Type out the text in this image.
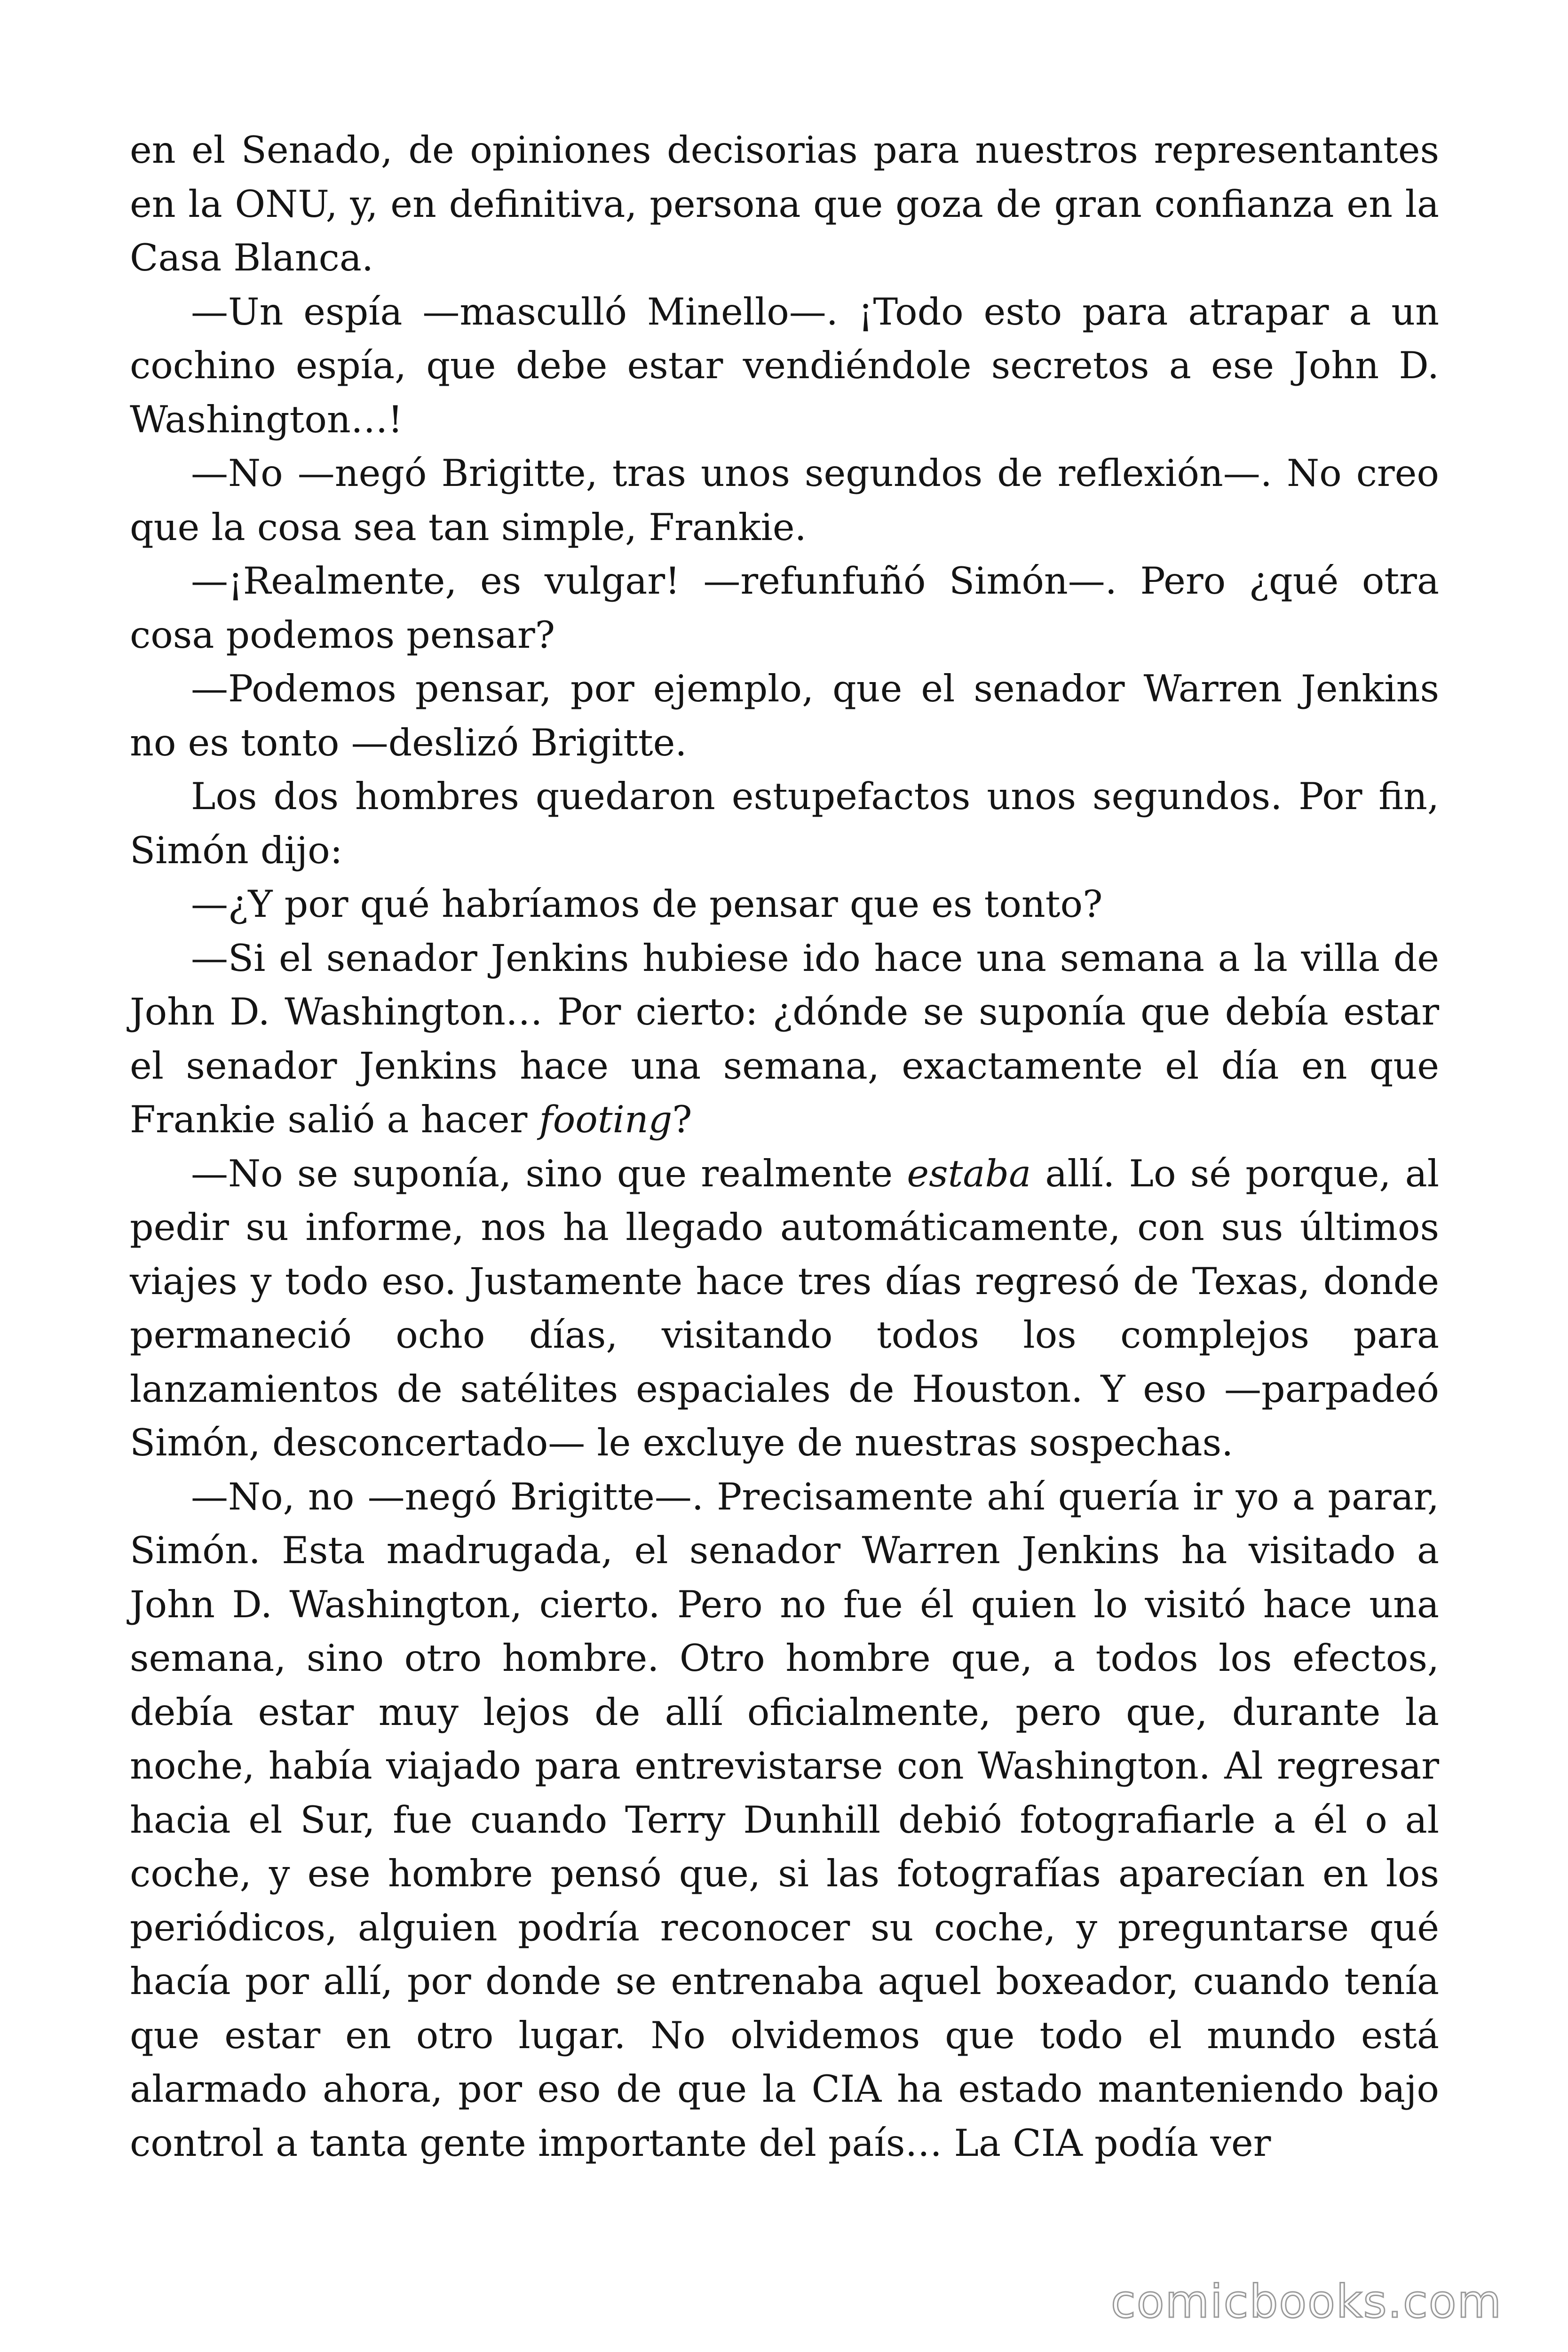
en el Senado, de opiniones decisorias para nuestros representantes en la ONU, y, en definitiva, persona que goza de gran confianza en la Casa Blanca.

—Un espía —masculló Minello—. ¡Todo esto para atrapar a un cochino espía, que debe estar vendiéndole secretos a ese John D. Washington…!

—No —negó Brigitte, tras unos segundos de reflexión—. No creo que la cosa sea tan simple, Frankie.

—¡Realmente, es vulgar! —refunfuñó Simón—. Pero ¿qué otra cosa podemos pensar?

—Podemos pensar, por ejemplo, que el senador Warren Jenkins no es tonto —deslizó Brigitte.

Los dos hombres quedaron estupefactos unos segundos. Por fin, Simón dijo:

—¿Y por qué habríamos de pensar que es tonto?

—Si el senador Jenkins hubiese ido hace una semana a la villa de John D. Washington… Por cierto: ¿dónde se suponía que debía estar el senador Jenkins hace una semana, exactamente el día en que Frankie salió a hacer footing?

—No se suponía, sino que realmente estaba allí. Lo sé porque, al pedir su informe, nos ha llegado automáticamente, con sus últimos viajes y todo eso. Justamente hace tres días regresó de Texas, donde permaneció ocho días, visitando todos los complejos para lanzamientos de satélites espaciales de Houston. Y eso —parpadeó Simón, desconcertado— le excluye de nuestras sospechas.

—No, no —negó Brigitte—. Precisamente ahí quería ir yo a parar, Simón. Esta madrugada, el senador Warren Jenkins ha visitado a John D. Washington, cierto. Pero no fue él quien lo visitó hace una semana, sino otro hombre. Otro hombre que, a todos los efectos, debía estar muy lejos de allí oficialmente, pero que, durante la noche, había viajado para entrevistarse con Washington. Al regresar hacia el Sur, fue cuando Terry Dunhill debió fotografiarle a él o al coche, y ese hombre pensó que, si las fotografías aparecían en los periódicos, alguien podría reconocer su coche, y preguntarse qué hacía por allí, por donde se entrenaba aquel boxeador, cuando tenía que estar en otro lugar. No olvidemos que todo el mundo está alarmado ahora, por eso de que la CIA ha estado manteniendo bajo control a tanta gente importante del país… La CIA podía ver

comicbooks.com
